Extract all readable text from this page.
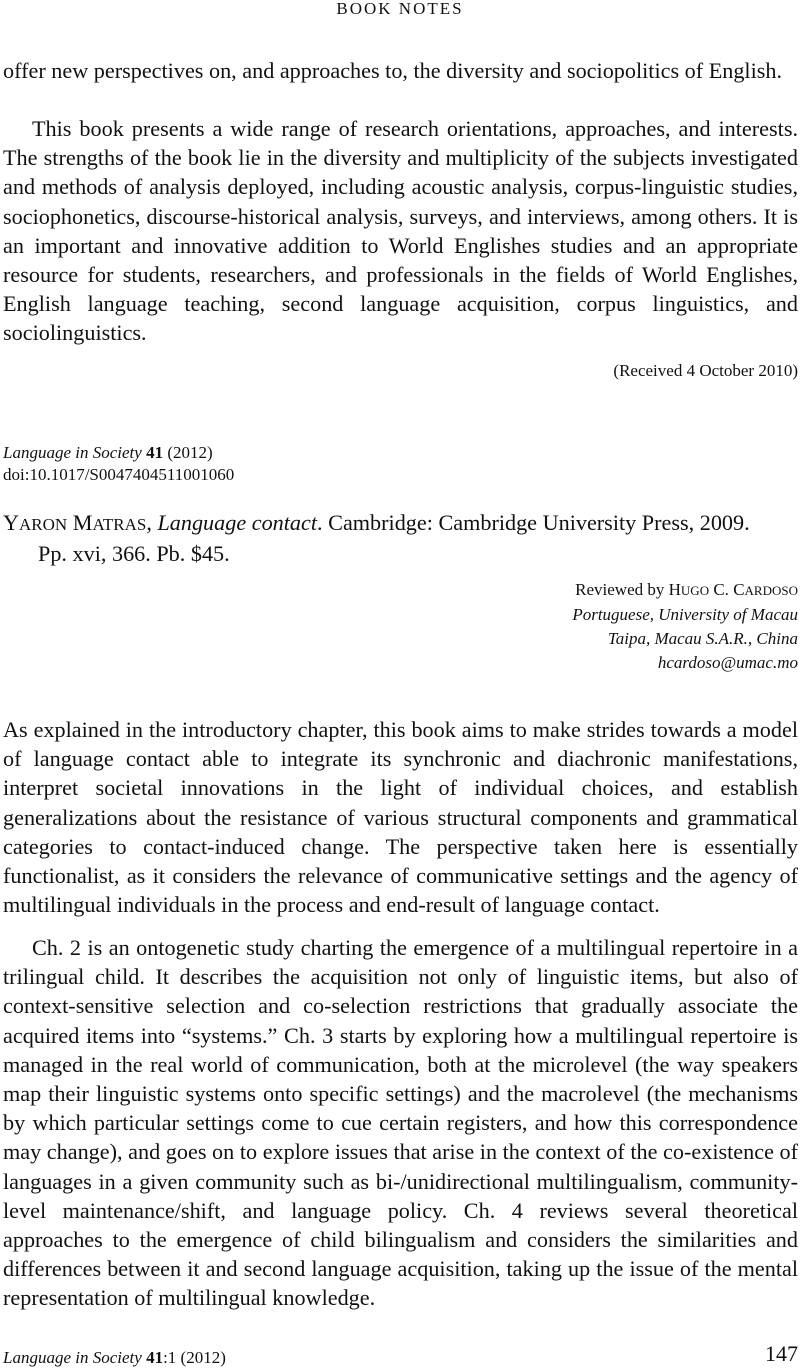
BOOK NOTES

offer new perspectives on, and approaches to, the diversity and sociopolitics of English.

This book presents a wide range of research orientations, approaches, and interests. The strengths of the book lie in the diversity and multiplicity of the subjects investigated and methods of analysis deployed, including acoustic analysis, corpus-linguistic studies, sociophonetics, discourse-historical analysis, surveys, and interviews, among others. It is an important and innovative addition to World Englishes studies and an appropriate resource for students, researchers, and professionals in the fields of World Englishes, English language teaching, second language acquisition, corpus linguistics, and sociolinguistics.

(Received 4 October 2010)
Language in Society 41 (2012)
doi:10.1017/S0047404511001060
YARON MATRAS, Language contact. Cambridge: Cambridge University Press, 2009.
Pp. xvi, 366. Pb. $45.
Reviewed by HUGO C. CARDOSO
Portuguese, University of Macau
Taipa, Macau S.A.R., China
hcardoso@umac.mo

As explained in the introductory chapter, this book aims to make strides towards a model of language contact able to integrate its synchronic and diachronic manifestations, interpret societal innovations in the light of individual choices, and establish generalizations about the resistance of various structural components and grammatical categories to contact-induced change. The perspective taken here is essentially functionalist, as it considers the relevance of communicative settings and the agency of multilingual individuals in the process and end-result of language contact.

Ch. 2 is an ontogenetic study charting the emergence of a multilingual repertoire in a trilingual child. It describes the acquisition not only of linguistic items, but also of context-sensitive selection and co-selection restrictions that gradually associate the acquired items into “systems.” Ch. 3 starts by exploring how a multilingual repertoire is managed in the real world of communication, both at the microlevel (the way speakers map their linguistic systems onto specific settings) and the macrolevel (the mechanisms by which particular settings come to cue certain registers, and how this correspondence may change), and goes on to explore issues that arise in the context of the co-existence of languages in a given community such as bi-/unidirectional multilingualism, community-level maintenance/shift, and language policy. Ch. 4 reviews several theoretical approaches to the emergence of child bilingualism and considers the similarities and differences between it and second language acquisition, taking up the issue of the mental representation of multilingual knowledge.

Language in Society 41:1 (2012)	147
